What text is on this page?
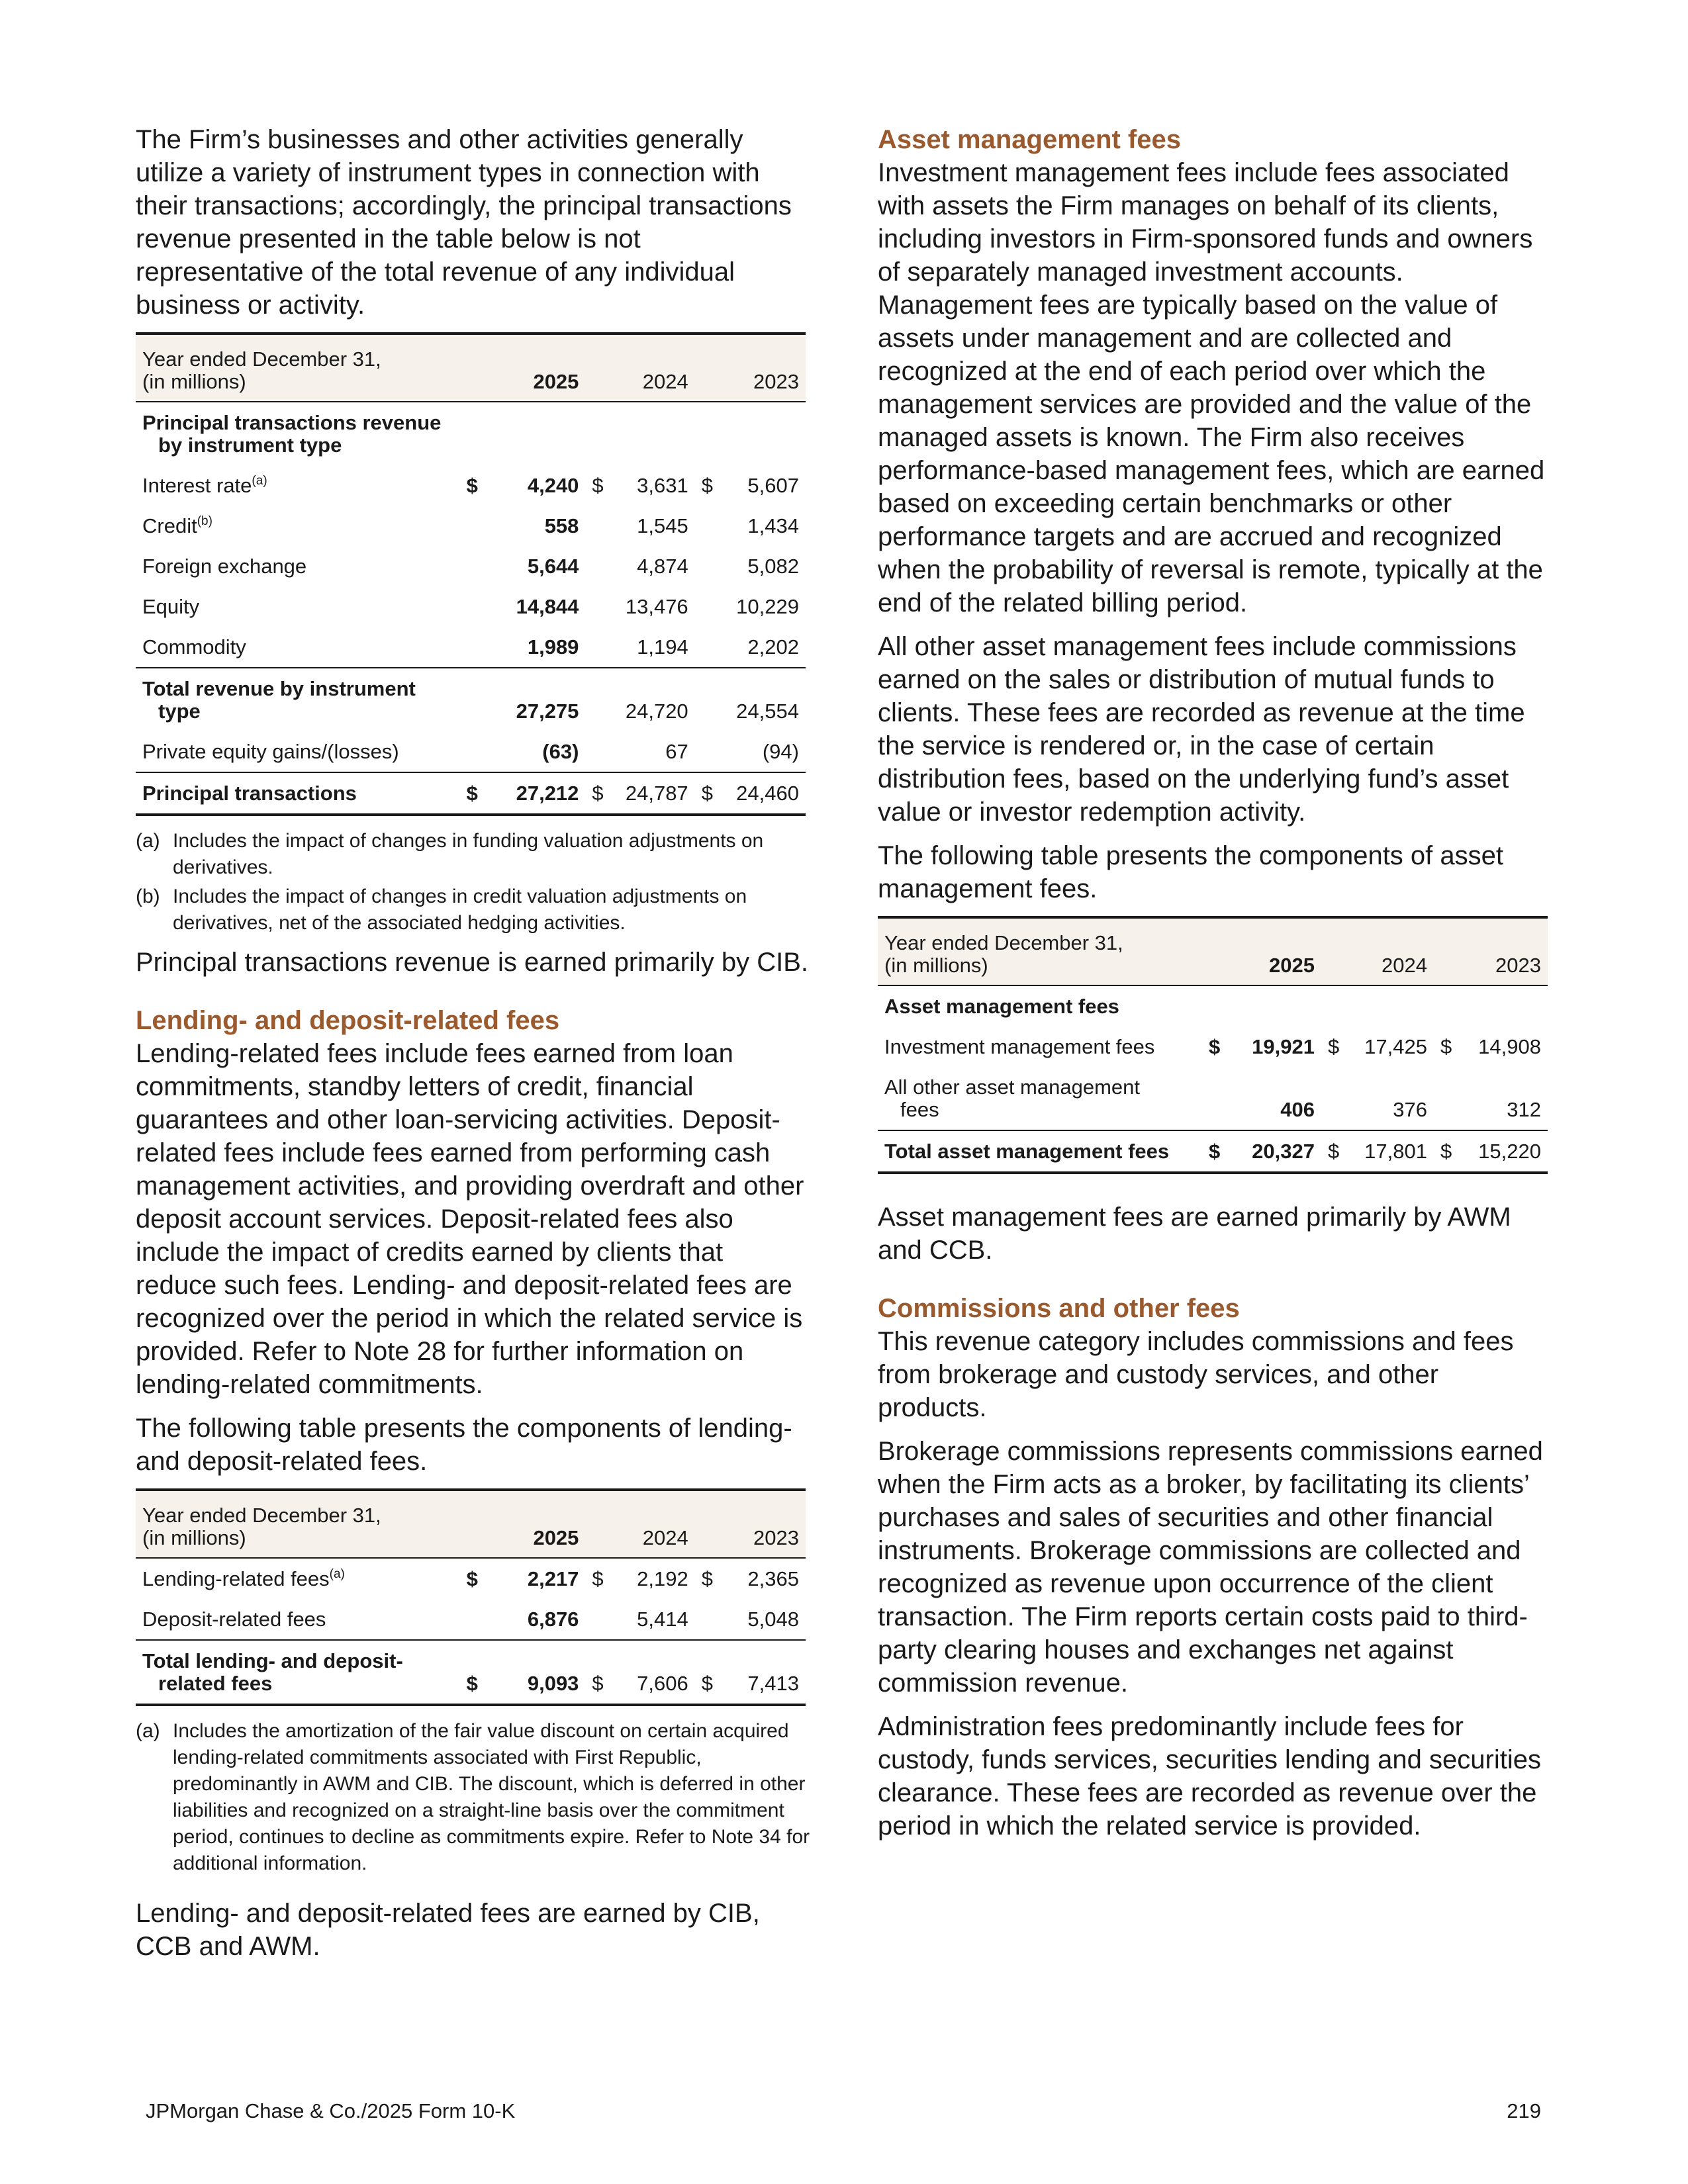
The Firm’s businesses and other activities generally utilize a variety of instrument types in connection with their transactions; accordingly, the principal transactions revenue presented in the table below is not representative of the total revenue of any individual business or activity.

Year ended December 31,
(in millions)	2025	2024	2023
Principal transactions revenue
by instrument type			
Interest rate$^{(a)}$	$ 4,240	$ 3,631	$ 5,607

Credit$^{(b)}$	558	1,545	1,434
Foreign exchange	5,644	4,874	5,082
Equity	14,844	13,476	10,229
Commodity	1,989	1,194	2,202
Total revenue by instrument
type	27,275	24,720	24,554
Private equity gains/(losses)	(63)	67	(94)
Principal transactions	$ 27,212	$ 24,787	$ 24,460
(a) Includes the impact of changes in funding valuation adjustments on derivatives.
(b) Includes the impact of changes in credit valuation adjustments on derivatives, net of the associated hedging activities.

Principal transactions revenue is earned primarily by CIB.

Lending- and deposit-related fees

Lending-related fees include fees earned from loan commitments, standby letters of credit, financial guarantees and other loan-servicing activities. Deposit-related fees include fees earned from performing cash management activities, and providing overdraft and other deposit account services. Deposit-related fees also include the impact of credits earned by clients that reduce such fees. Lending- and deposit-related fees are recognized over the period in which the related service is provided. Refer to Note 28 for further information on lending-related commitments.

The following table presents the components of lending- and deposit-related fees.

Year ended December 31,
(in millions)	2025	2024	2023
Lending-related fees$^{(a)}$	$ 2,217	$ 2,192	$ 2,365

Deposit-related fees	6,876	5,414	5,048
Total lending- and deposit-
related fees	$ 9,093	$ 7,606	$ 7,413
(a) Includes the amortization of the fair value discount on certain acquired lending-related commitments associated with First Republic, predominantly in AWM and CIB. The discount, which is deferred in other liabilities and recognized on a straight-line basis over the commitment period, continues to decline as commitments expire. Refer to Note 34 for additional information.

Lending- and deposit-related fees are earned by CIB, CCB and AWM.

Asset management fees

Investment management fees include fees associated with assets the Firm manages on behalf of its clients, including investors in Firm-sponsored funds and owners of separately managed investment accounts. Management fees are typically based on the value of assets under management and are collected and recognized at the end of each period over which the management services are provided and the value of the managed assets is known. The Firm also receives performance-based management fees, which are earned based on exceeding certain benchmarks or other performance targets and are accrued and recognized when the probability of reversal is remote, typically at the end of the related billing period.

All other asset management fees include commissions earned on the sales or distribution of mutual funds to clients. These fees are recorded as revenue at the time the service is rendered or, in the case of certain distribution fees, based on the underlying fund’s asset value or investor redemption activity.

The following table presents the components of asset management fees.

Year ended December 31,
(in millions)	2025	2024	2023
Asset management fees			
Investment management fees	$ 19,921	$ 17,425	$ 14,908

All other asset management
fees	406	376	312
Total asset management fees	$ 20,327	$ 17,801	$ 15,220

Asset management fees are earned primarily by AWM and CCB.

Commissions and other fees

This revenue category includes commissions and fees from brokerage and custody services, and other products.

Brokerage commissions represents commissions earned when the Firm acts as a broker, by facilitating its clients’ purchases and sales of securities and other financial instruments. Brokerage commissions are collected and recognized as revenue upon occurrence of the client transaction. The Firm reports certain costs paid to third-party clearing houses and exchanges net against commission revenue.

Administration fees predominantly include fees for custody, funds services, securities lending and securities clearance. These fees are recorded as revenue over the period in which the related service is provided.

JPMorgan Chase & Co./2025 Form 10-K	219
